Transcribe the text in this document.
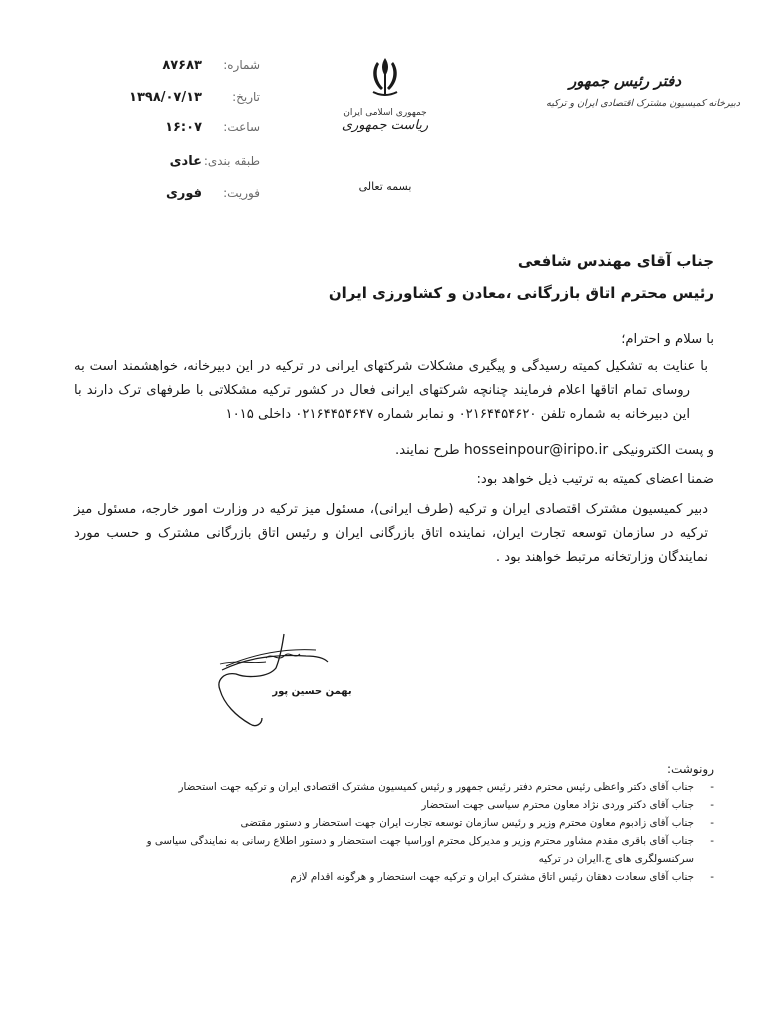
دفتر رئیس جمهور
دبیرخانه کمیسیون مشترک اقتصادی ایران و ترکیه
جمهوری اسلامی ایران
ریاست جمهوری
بسمه تعالی
شماره:
۸۷۶۸۳
تاریخ:
۱۳۹۸/۰۷/۱۳
ساعت:
۱۶:۰۷
طبقه بندی:
عادی
فوریت:
فوری
جناب آقای مهندس شافعی
رئیس محترم اتاق بازرگانی ،معادن و کشاورزی ایران
با سلام و احترام؛

با عنایت به تشکیل کمیته رسیدگی و پیگیری مشکلات شرکتهای ایرانی در ترکیه در این دبیرخانه، خواهشمند است به روسای تمام اتاقها اعلام فرمایند چنانچه شرکتهای ایرانی فعال در کشور ترکیه مشکلاتی با طرفهای ترک دارند با این دبیرخانه به شماره تلفن ۰۲۱۶۴۴۵۴۶۲۰ و نمابر شماره ۰۲۱۶۴۴۵۴۶۴۷ داخلی ۱۰۱۵

و پست الکترونیکی hosseinpour@iripo.ir طرح نمایند.
ضمنا اعضای کمیته به ترتیب ذیل خواهد بود:

دبیر کمیسیون مشترک اقتصادی ایران و ترکیه (طرف ایرانی)، مسئول میز ترکیه در وزارت امور خارجه، مسئول میز ترکیه در سازمان توسعه تجارت ایران، نماینده اتاق بازرگانی ایران و رئیس اتاق بازرگانی مشترک و حسب مورد نمایندگان وزارتخانه مرتبط خواهند بود .

بهمن حسین پور
رونوشت:
-
جناب آقای دکتر واعظی رئیس محترم دفتر رئیس جمهور و رئیس کمیسیون مشترک اقتصادی ایران و ترکیه جهت استحضار
-
جناب آقای دکتر وردی نژاد معاون محترم سیاسی جهت استحضار
-
جناب آقای زادبوم معاون محترم وزیر و رئیس سازمان توسعه تجارت ایران جهت استحضار و دستور مقتضی
-
جناب آقای باقری مقدم مشاور محترم وزیر و مدیرکل محترم اوراسیا جهت استحضار و دستور اطلاع رسانی به نمایندگی سیاسی و سرکنسولگری های ج.اایران در ترکیه
-
جناب آقای سعادت دهقان رئیس اتاق مشترک ایران و ترکیه جهت استحضار و هرگونه اقدام لازم
